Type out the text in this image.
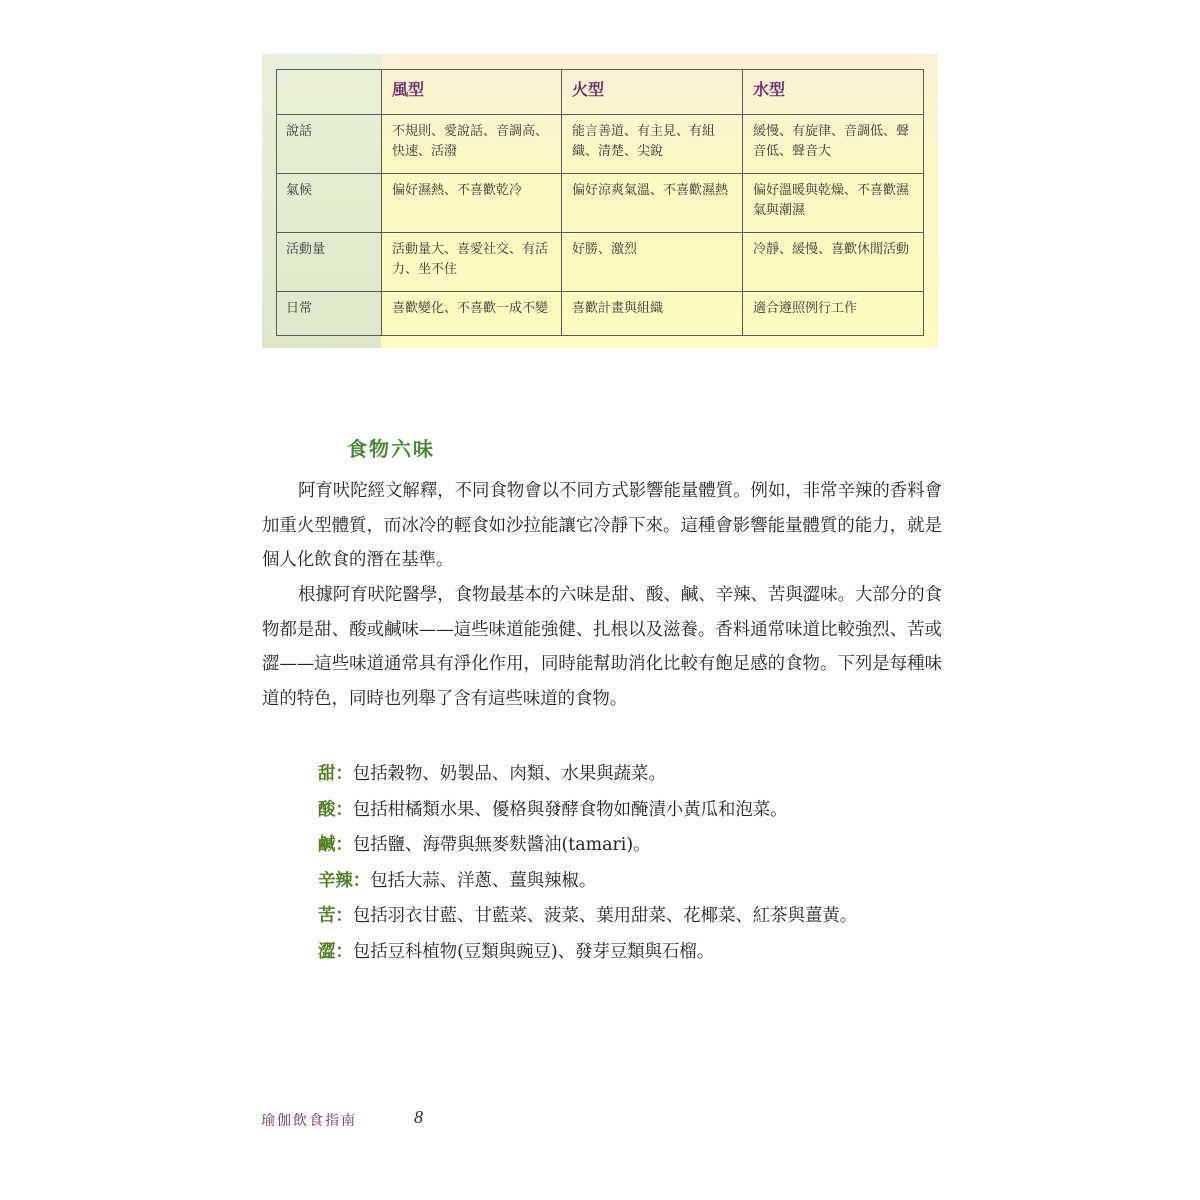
	風型	火型	水型
說話	不規則、愛說話、音調高、快速、活潑	能言善道、有主見、有組織、清楚、尖銳	緩慢、有旋律、音調低、聲音低、聲音大
氣候	偏好濕熱、不喜歡乾冷	偏好涼爽氣溫、不喜歡濕熱	偏好溫暖與乾燥、不喜歡濕氣與潮濕
活動量	活動量大、喜愛社交、有活力、坐不住	好勝、激烈	冷靜、緩慢、喜歡休閒活動
日常	喜歡變化、不喜歡一成不變	喜歡計畫與組織	適合遵照例行工作
食物六味

阿育吠陀經文解釋，不同食物會以不同方式影響能量體質。例如，非常辛辣的香料會加重火型體質，而冰冷的輕食如沙拉能讓它冷靜下來。這種會影響能量體質的能力，就是個人化飲食的潛在基準。

根據阿育吠陀醫學，食物最基本的六味是甜、酸、鹹、辛辣、苦與澀味。大部分的食物都是甜、酸或鹹味——這些味道能強健、扎根以及滋養。香料通常味道比較強烈、苦或澀——這些味道通常具有淨化作用，同時能幫助消化比較有飽足感的食物。下列是每種味道的特色，同時也列舉了含有這些味道的食物。

甜：包括穀物、奶製品、肉類、水果與蔬菜。
酸：包括柑橘類水果、優格與發酵食物如醃漬小黃瓜和泡菜。
鹹：包括鹽、海帶與無麥麩醬油(tamari)。
辛辣：包括大蒜、洋蔥、薑與辣椒。
苦：包括羽衣甘藍、甘藍菜、菠菜、葉用甜菜、花椰菜、紅茶與薑黃。
澀：包括豆科植物(豆類與豌豆)、發芽豆類與石榴。
瑜伽飲食指南	8
